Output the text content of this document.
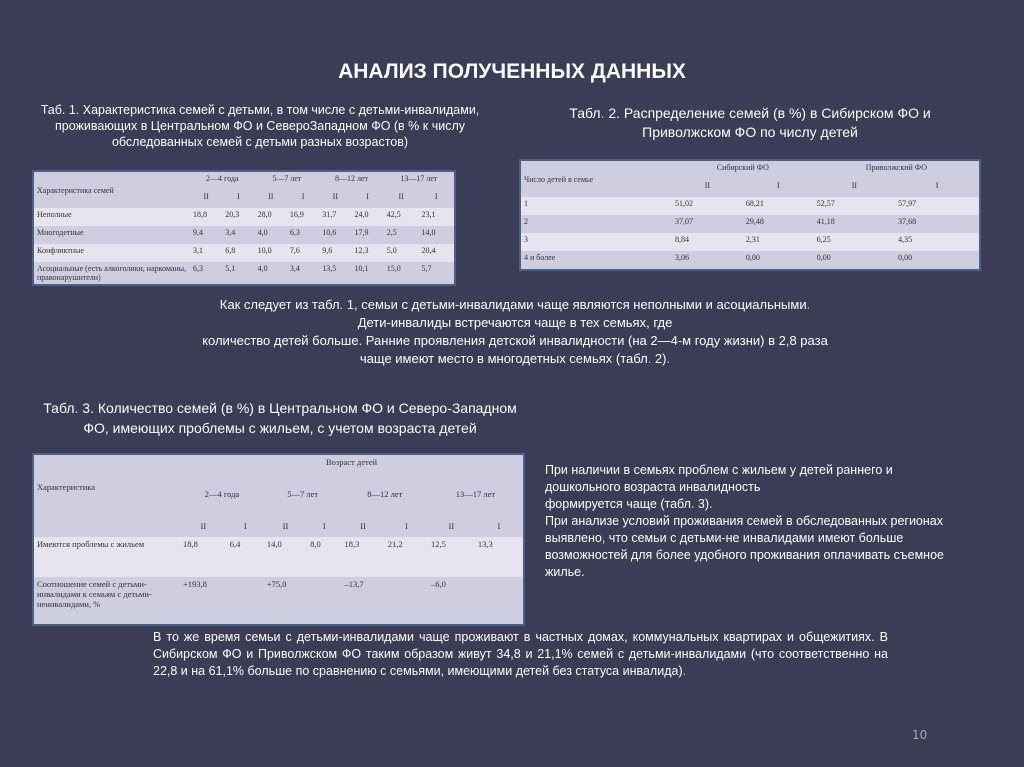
АНАЛИЗ ПОЛУЧЕННЫХ ДАННЫХ
Таб. 1. Характеристика семей с детьми, в том числе с детьми-инвалидами, проживающих в Центральном ФО и СевероЗападном ФО (в % к числу обследованных семей с детьми разных возрастов)
Характеристика семей	2—4 года		5—7 лет		8—12 лет		13—17 лет	
	II	I	II	I	II	I	II	I
Неполные	18,8	20,3	28,0	16,9	31,7	24,0	42,5	23,1
Многодетные	9,4	3,4	4,0	6,3	10,6	17,9	2,5	14,0
Конфликтные	3,1	6,8	10,0	7,6	9,6	12,3	5,0	20,4
Асоциальные (есть алкоголики, наркоманы, правонарушители)	6,3	5,1	4,0	3,4	13,5	10,1	15,0	5,7
Табл. 2. Распределение семей (в %) в Сибирском ФО и Приволжском ФО по числу детей
Число детей в семье	Сибирский ФО		Приволжский ФО	
	II	I	II	I
1	51,02	68,21	52,57	57,97
2	37,07	29,48	41,18	37,68
3	8,84	2,31	6,25	4,35
4 и более	3,06	0,00	0,00	0,00
Как следует из табл. 1, семьи с детьми-инвалидами чаще являются неполными и асоциальными.
Дети-инвалиды встречаются чаще в тех семьях, где
количество детей больше. Ранние проявления детской инвалидности (на 2—4-м году жизни) в 2,8 раза
чаще имеют место в многодетных семьях (табл. 2).
Табл. 3. Количество семей (в %) в Центральном ФО и Северо-Западном ФО, имеющих проблемы с жильем, с учетом возраста детей
Характеристика	Возраст детей							
	2—4 года		5—7 лет		8—12 лет		13—17 лет	
	II	I	II	I	II	I	II	I
Имеются проблемы с жильем	18,8	6,4	14,0	8,0	18,3	21,2	12,5	13,3
Соотношение семей с детьми-инвалидами к семьям с детьми-неинвалидами, %	+193,8		+75,0		–13,7		–6,0	
При наличии в семьях проблем с жильем у детей раннего и дошкольного возраста инвалидность
формируется чаще (табл. 3).
При анализе условий проживания семей в обследованных регионах выявлено, что семьи с детьми-не инвалидами имеют больше возможностей для более удобного проживания оплачивать съемное жилье.
В то же время семьи с детьми-инвалидами чаще проживают в частных домах, коммунальных квартирах и общежитиях. В Сибирском ФО и Приволжском ФО таким образом живут 34,8 и 21,1% семей с детьми-инвалидами (что соответственно на 22,8 и на 61,1% больше по сравнению с семьями, имеющими детей без статуса инвалида).
10
